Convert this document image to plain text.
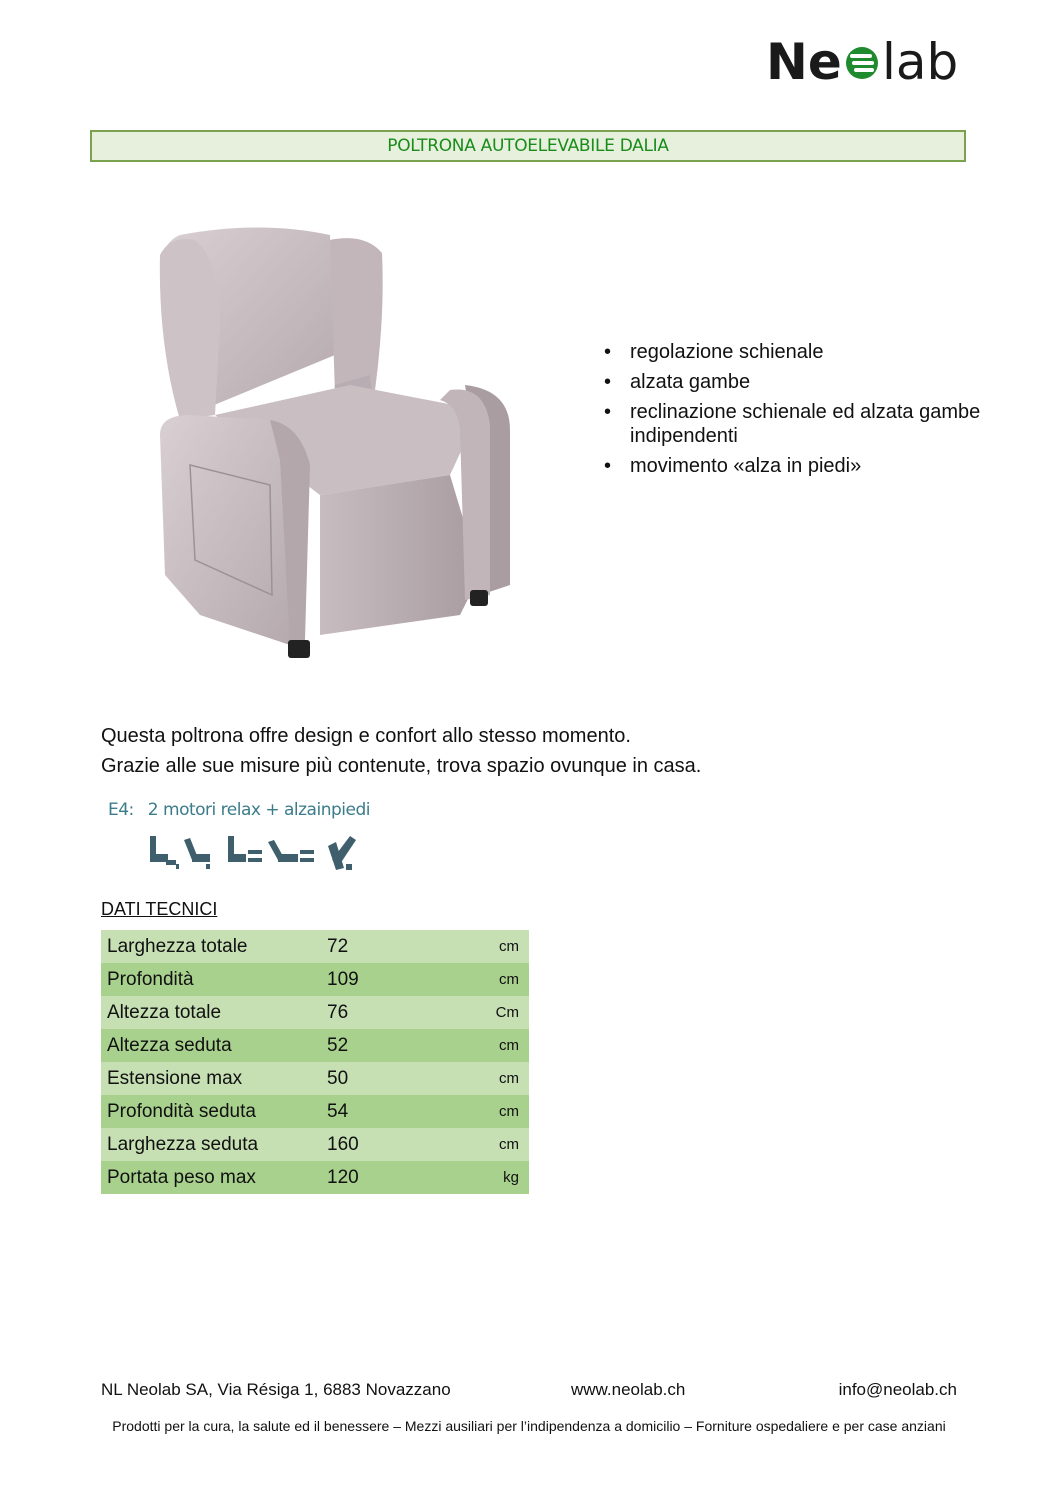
Ne lab
POLTRONA AUTOELEVABILE DALIA
• regolazione schienale
• alzata gambe
• reclinazione schienale ed alzata gambe indipendenti
• movimento «alza in piedi»

Questa poltrona offre design e confort allo stesso momento.

Grazie alle sue misure più contenute, trova spazio ovunque in casa.

E4: 2 motori relax + alzainpiedi
DATI TECNICI
Larghezza totale	72	cm
Profondità	109	cm
Altezza totale	76	Cm
Altezza seduta	52	cm
Estensione max	50	cm
Profondità seduta	54	cm
Larghezza seduta	160	cm
Portata peso max	120	kg
NL Neolab SA, Via Résiga 1, 6883 Novazzano	www.neolab.ch	info@neolab.ch
Prodotti per la cura, la salute ed il benessere – Mezzi ausiliari per l’indipendenza a domicilio – Forniture ospedaliere e per case anziani
